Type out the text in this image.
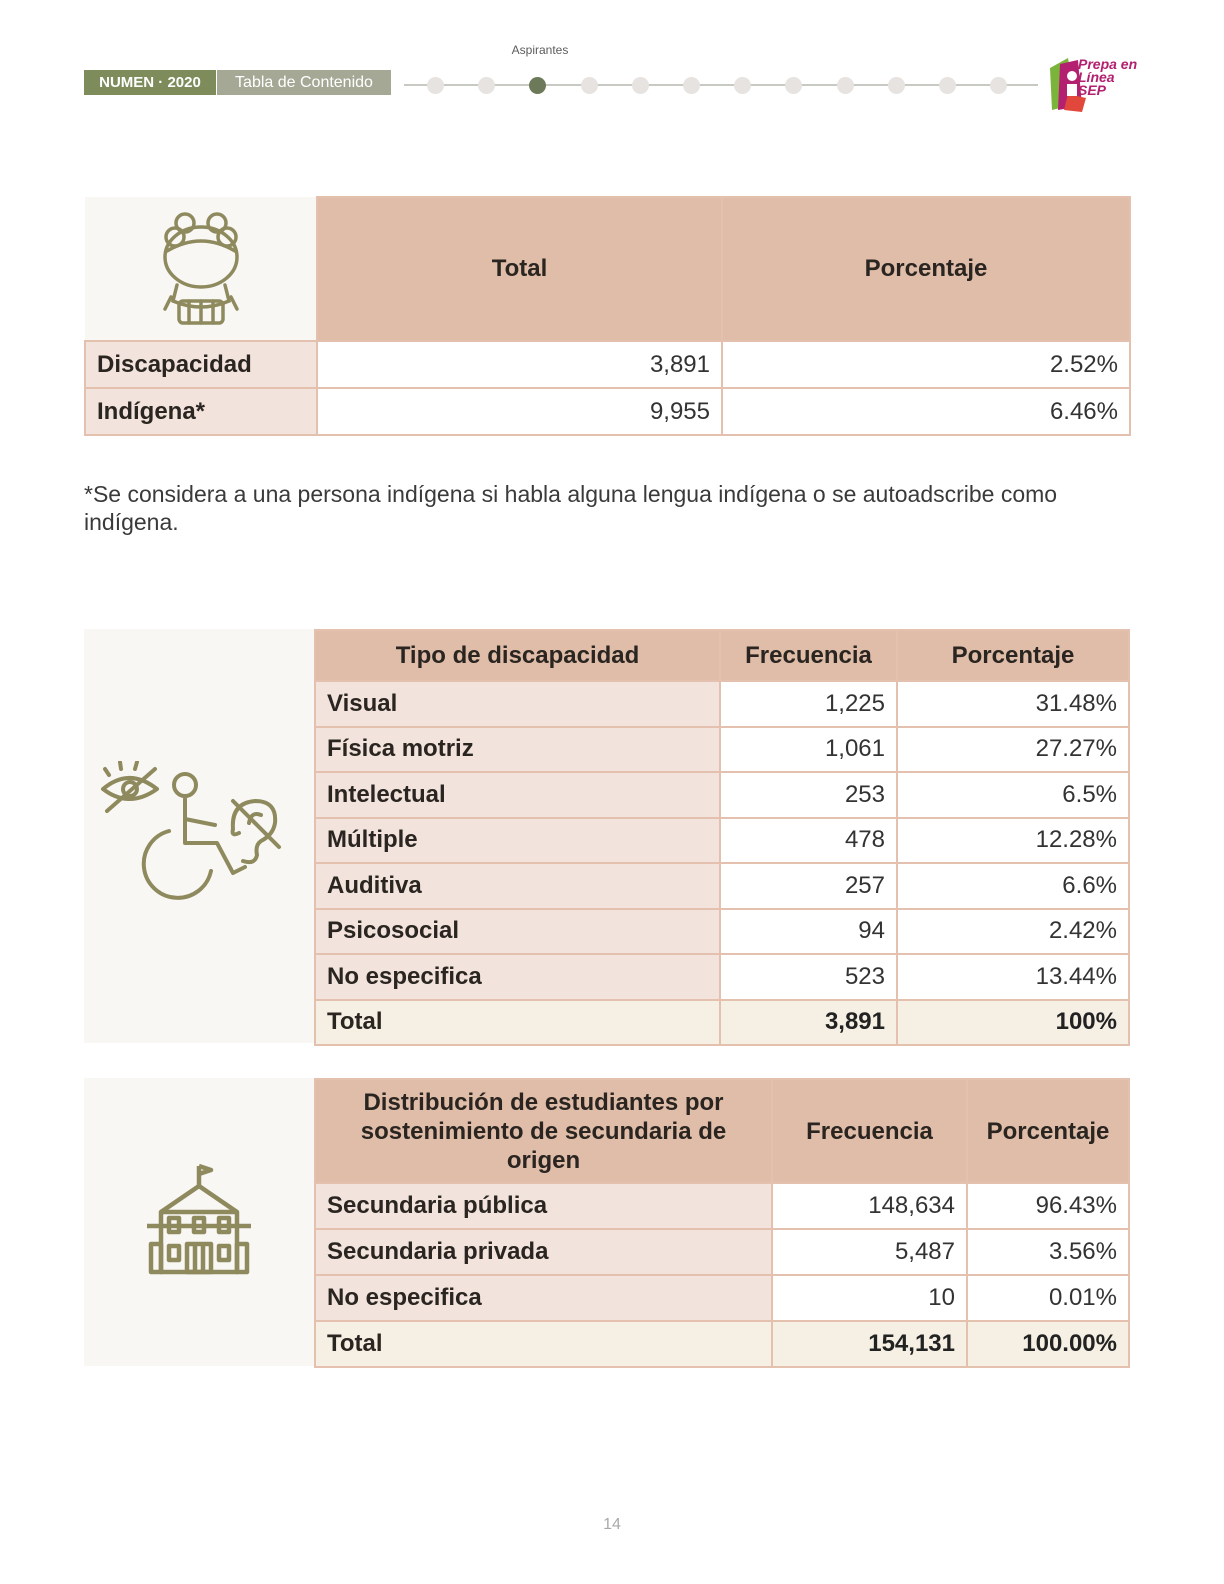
NUMEN · 2020	Tabla de Contenido
Aspirantes
Prepa en
Línea
SEP
	Total	Porcentaje
Discapacidad	3,891	2.52%
Indígena*	9,955	6.46%
*Se considera a una persona indígena si habla alguna lengua indígena o se autoadscribe como indígena.
Tipo de discapacidad	Frecuencia	Porcentaje
Visual	1,225	31.48%
Física motriz	1,061	27.27%
Intelectual	253	6.5%
Múltiple	478	12.28%
Auditiva	257	6.6%
Psicosocial	94	2.42%
No especifica	523	13.44%
Total	3,891	100%
Distribución de estudiantes por sostenimiento de secundaria de origen	Frecuencia	Porcentaje
Secundaria pública	148,634	96.43%
Secundaria privada	5,487	3.56%
No especifica	10	0.01%
Total	154,131	100.00%
14
